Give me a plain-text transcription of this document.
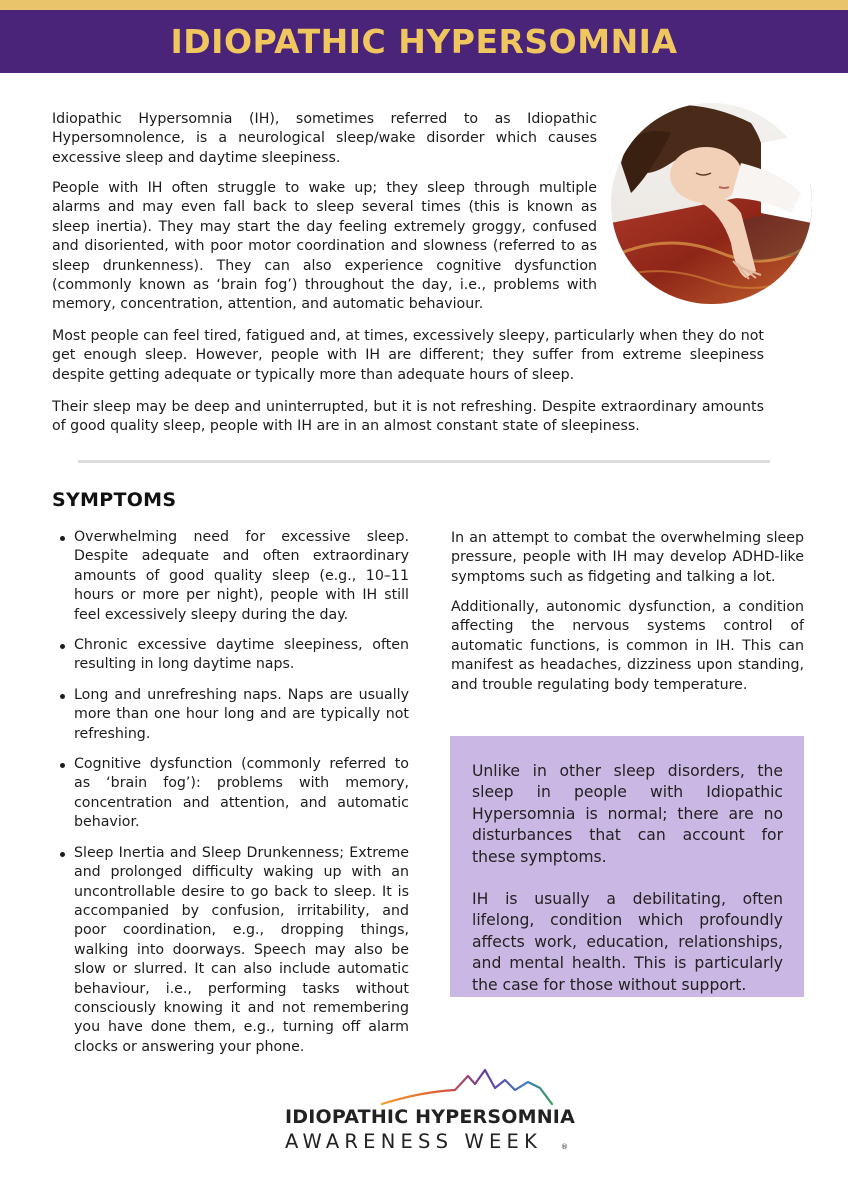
IDIOPATHIC HYPERSOMNIA

Idiopathic Hypersomnia (IH), sometimes referred to as Idiopathic Hypersomnolence, is a neurological sleep/wake disorder which causes excessive sleep and daytime sleepiness.

People with IH often struggle to wake up; they sleep through multiple alarms and may even fall back to sleep several times (this is known as sleep inertia). They may start the day feeling extremely groggy, confused and disoriented, with poor motor coordination and slowness (referred to as sleep drunkenness). They can also experience cognitive dysfunction (commonly known as ‘brain fog’) throughout the day, i.e., problems with memory, concentration, attention, and automatic behaviour.

Most people can feel tired, fatigued and, at times, excessively sleepy, particularly when they do not get enough sleep. However, people with IH are different; they suffer from extreme sleepiness despite getting adequate or typically more than adequate hours of sleep.

Their sleep may be deep and uninterrupted, but it is not refreshing. Despite extraordinary amounts of good quality sleep, people with IH are in an almost constant state of sleepiness.

SYMPTOMS
Overwhelming need for excessive sleep. Despite adequate and often extraordinary amounts of good quality sleep (e.g., 10–11 hours or more per night), people with IH still feel excessively sleepy during the day.
Chronic excessive daytime sleepiness, often resulting in long daytime naps.
Long and unrefreshing naps. Naps are usually more than one hour long and are typically not refreshing.
Cognitive dysfunction (commonly referred to as ‘brain fog’): problems with memory, concentration and attention, and automatic behavior.
Sleep Inertia and Sleep Drunkenness; Extreme and prolonged difficulty waking up with an uncontrollable desire to go back to sleep. It is accompanied by confusion, irritability, and poor coordination, e.g., dropping things, walking into doorways. Speech may also be slow or slurred. It can also include automatic behaviour, i.e., performing tasks without consciously knowing it and not remembering you have done them, e.g., turning off alarm clocks or answering your phone.

In an attempt to combat the overwhelming sleep pressure, people with IH may develop ADHD-like symptoms such as fidgeting and talking a lot.

Additionally, autonomic dysfunction, a condition affecting the nervous systems control of automatic functions, is common in IH. This can manifest as headaches, dizziness upon standing, and trouble regulating body temperature.

Unlike in other sleep disorders, the sleep in people with Idiopathic Hypersomnia is normal; there are no disturbances that can account for these symptoms.

IH is usually a debilitating, often lifelong, condition which profoundly affects work, education, relationships, and mental health. This is particularly the case for those without support.

IDIOPATHIC HYPERSOMNIA
AWARENESS WEEK	®
